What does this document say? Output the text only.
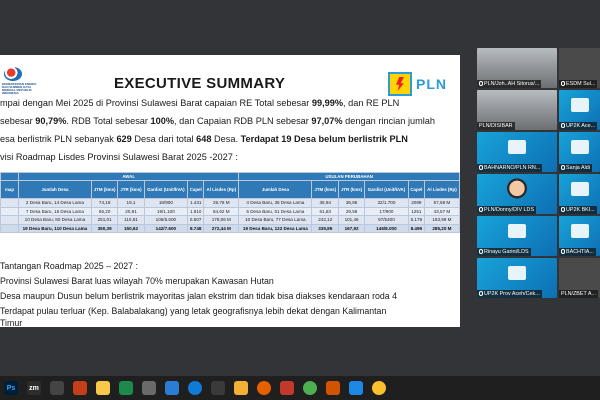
KEMENTERIAN ENERGI DAN SUMBER DAYA MINERAL REPUBLIK INDONESIA
EXECUTIVE SUMMARY	PLN
mpai dengan Mei 2025 di Provinsi Sulawesi Barat capaian RE Total sebesar 99,99%, dan RE PLN
sebesar 90,79%. RDB Total sebesar 100%, dan Capaian RDB PLN sebesar 97,07% dengan rincian jumlah
esa berlistrik PLN sebanyak 629 Desa dari total 648 Desa. Terdapat 19 Desa belum berlistrik PLN
visi Roadmap Lisdes Provinsi Sulawesi Barat 2025 -2027 :
	AWAL						USULAN PERUBAHAN					
map	Jumlah Desa	JTM (kms)	JTR (kms)	Gardist (Unit/kVA)	Capel	Al Lisdes (Rp)	Jumlah Desa	JTM (kms)	JTR (kms)	Gardist (Unit/kVA)	Capel	Al Lisdes (Rp)
	2 Desa Baru, 14 Desa Lama	74,18	19,1	18/900	1.431	29,76 M	4 Desa Baru, 36 Desa Lama	35,94	36,86	32/1.700	2089	57,68 M
	7 Desa Baru, 16 Desa Lama	65,20	20,91	19/1.100	1.810	84,62 M	5 Desa Baru, 51 Desa Lama	61,83	29,58	17/900	1251	43,57 M
	10 Desa Baru, 80 Desa Lama	251,01	110,61	105/5.600	5.507	178,06 M	10 Desa Baru, 77 Desa Lama	242,12	101,46	97/5400	5.179	183,98 M
	19 Desa Baru, 110 Desa Lama	350,39	150,62	142/7.600	8.748	272,44 M	19 Desa Baru, 122 Desa Lama	339,89	167,92	146/8.000	8.499	285,20 M
Tantangan Roadmap 2025 – 2027 :
Provinsi Sulawesi Barat luas wilayah 70% merupakan Kawasan Hutan
Desa maupun Dusun belum berlistrik mayoritas jalan ekstrim dan tidak bisa diakses kendaraan roda 4
Terdapat pulau terluar (Kep. Balabalakang) yang letak geografisnya lebih dekat dengan Kalimantan
Timur
PLN/Joh..AH Sitorus/...	ESDM Sul...
PLN/DISIBAR	UP2K Ace...
BAHNARNO/PLN RN...	Sanja Aldi
PLN/Donny/DIV LDS	UP2K BKI...
Rinayu Garini/LDS	BACHTIA...
UP2K Prov Aceh/Cek...	PLN/ZBET A...
Ps	zm
